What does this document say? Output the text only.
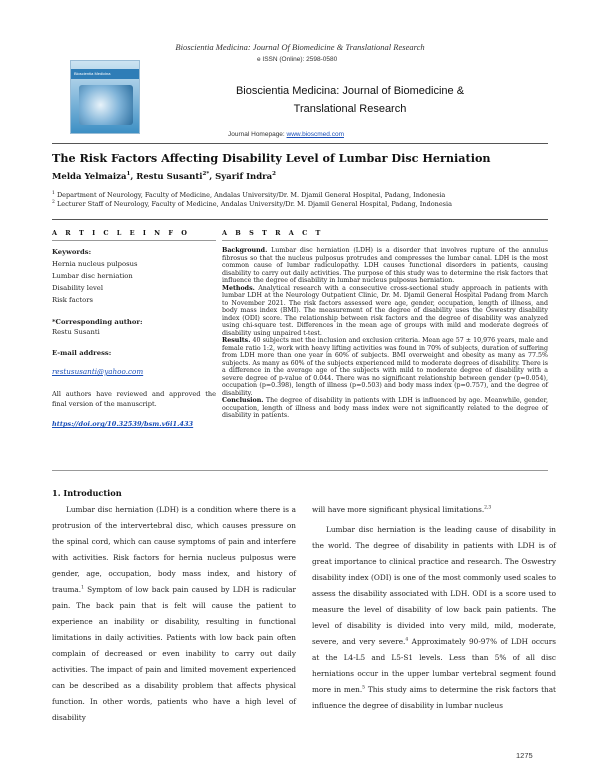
Bioscientia Medicina: Journal Of Biomedicine & Translational Research
Bioscientia Medicina
e ISSN (Online): 2598-0580
Bioscientia Medicina: Journal of Biomedicine &
Translational Research
Journal Homepage: www.bioscmed.com
The Risk Factors Affecting Disability Level of Lumbar Disc Herniation
Melda Yelmaiza$^1$, Restu Susanti$^{2*}$, Syarif Indra$^2$
$^1$ Department of Neurology, Faculty of Medicine, Andalas University/Dr. M. Djamil General Hospital, Padang, Indonesia
$^2$ Lecturer Staff of Neurology, Faculty of Medicine, Andalas University/Dr. M. Djamil General Hospital, Padang, Indonesia
A R T I C L E I N F O	A B S T R A C T
Keywords:
Hernia nucleus pulposus
Lumbar disc herniation
Disability level
Risk factors
*Corresponding author:
Restu Susanti
E-mail address:
restususanti@yahoo.com
All authors have reviewed and approved the final version of the manuscript.
https://doi.org/10.32539/bsm.v6i1.433

Background. Lumbar disc herniation (LDH) is a disorder that involves rupture of the annulus fibrosus so that the nucleus pulposus protrudes and compresses the lumbar canal. LDH is the most common cause of lumbar radiculopathy. LDH causes functional disorders in patients, causing disability to carry out daily activities. The purpose of this study was to determine the risk factors that influence the degree of disability in lumbar nucleus pulposus herniation.

Methods. Analytical research with a consecutive cross-sectional study approach in patients with lumbar LDH at the Neurology Outpatient Clinic, Dr. M. Djamil General Hospital Padang from March to November 2021. The risk factors assessed were age, gender, occupation, length of illness, and body mass index (BMI). The measurement of the degree of disability uses the Oswestry disability index (ODI) score. The relationship between risk factors and the degree of disability was analyzed using chi-square test. Differences in the mean age of groups with mild and moderate degrees of disability using unpaired t-test.

Results. 40 subjects met the inclusion and exclusion criteria. Mean age 57 ± 10,976 years, male and female ratio 1:2, work with heavy lifting activities was found in 70% of subjects, duration of suffering from LDH more than one year in 60% of subjects. BMI overweight and obesity as many as 77.5% subjects. As many as 60% of the subjects experienced mild to moderate degrees of disability. There is a difference in the average age of the subjects with mild to moderate degree of disability with a severe degree of p-value of 0.044. There was no significant relationship between gender (p=0.054), occupation (p=0.398), length of illness (p=0.503) and body mass index (p=0.757), and the degree of disability.

Conclusion. The degree of disability in patients with LDH is influenced by age. Meanwhile, gender, occupation, length of illness and body mass index were not significantly related to the degree of disability in patients.

1. Introduction
Lumbar disc herniation (LDH) is a condition where there is a protrusion of the intervertebral disc, which causes pressure on the spinal cord, which can cause symptoms of pain and interfere with activities. Risk factors for hernia nucleus pulposus were gender, age, occupation, body mass index, and history of trauma.$^1$ Symptom of low back pain caused by LDH is radicular pain. The back pain that is felt will cause the patient to experience an inability or disability, resulting in functional limitations in daily activities. Patients with low back pain often complain of decreased or even inability to carry out daily activities. The impact of pain and limited movement experienced can be described as a disability problem that affects physical function. In other words, patients who have a high level of disability
will have more significant physical limitations.$^{2,3}$
Lumbar disc herniation is the leading cause of disability in the world. The degree of disability in patients with LDH is of great importance to clinical practice and research. The Oswestry disability index (ODI) is one of the most commonly used scales to assess the disability associated with LDH. ODI is a score used to measure the level of disability of low back pain patients. The level of disability is divided into very mild, mild, moderate, severe, and very severe.$^4$ Approximately 90-97% of LDH occurs at the L4-L5 and L5-S1 levels. Less than 5% of all disc herniations occur in the upper lumbar vertebral segment found more in men.$^5$ This study aims to determine the risk factors that influence the degree of disability in lumbar nucleus
1275
